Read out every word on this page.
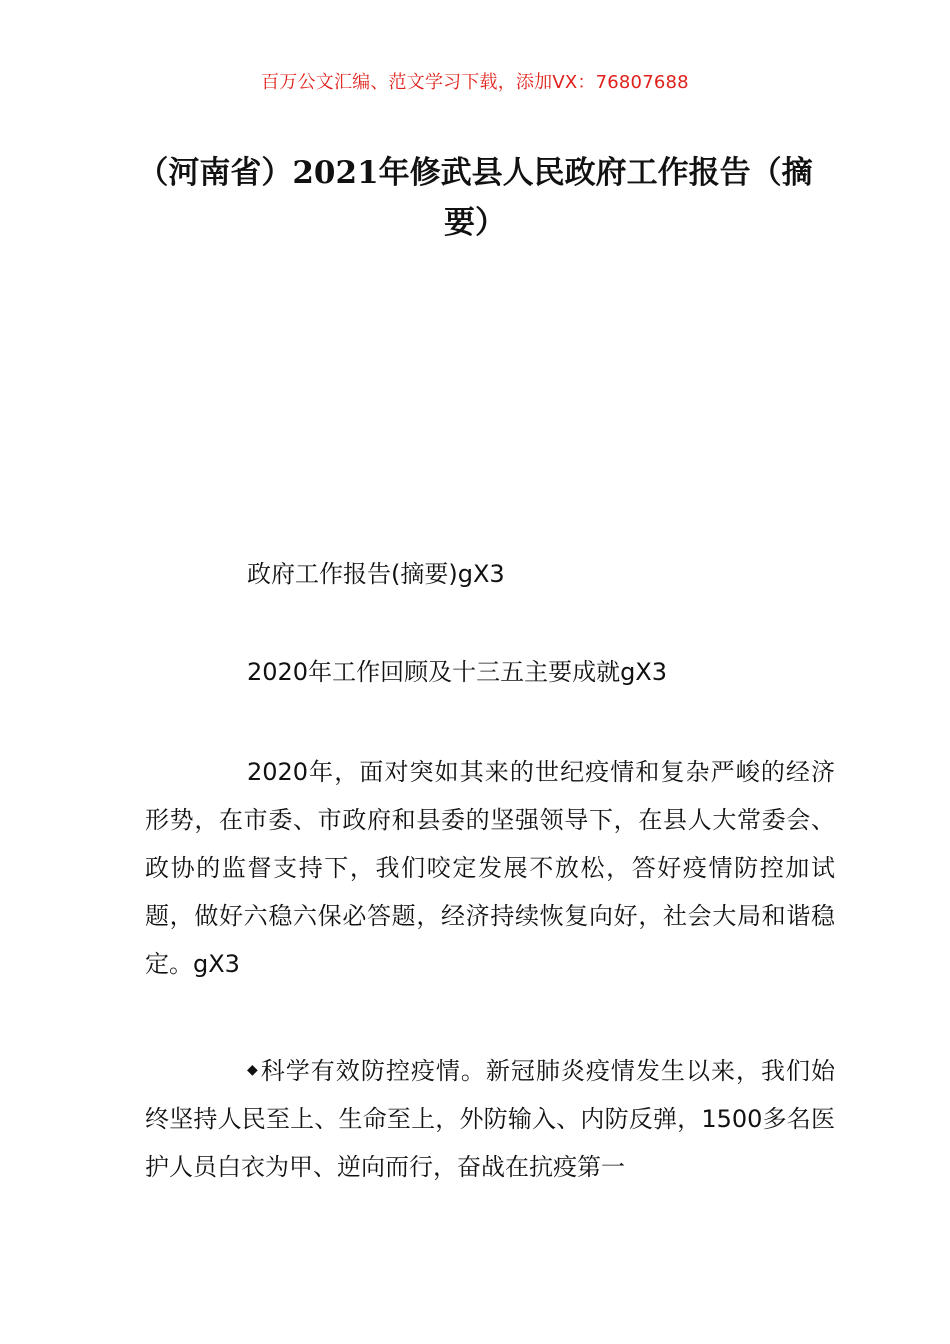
百万公文汇编、范文学习下载，添加VX：76807688
（河南省）2021年修武县人民政府工作报告（摘要）
政府工作报告(摘要)gX3
2020年工作回顾及十三五主要成就gX3

2020年，面对突如其来的世纪疫情和复杂严峻的经济形势，在市委、市政府和县委的坚强领导下，在县人大常委会、政协的监督支持下，我们咬定发展不放松，答好疫情防控加试题，做好六稳六保必答题，经济持续恢复向好，社会大局和谐稳定。gX3

◆科学有效防控疫情。新冠肺炎疫情发生以来，我们始终坚持人民至上、生命至上，外防输入、内防反弹，1500多名医护人员白衣为甲、逆向而行，奋战在抗疫第一
